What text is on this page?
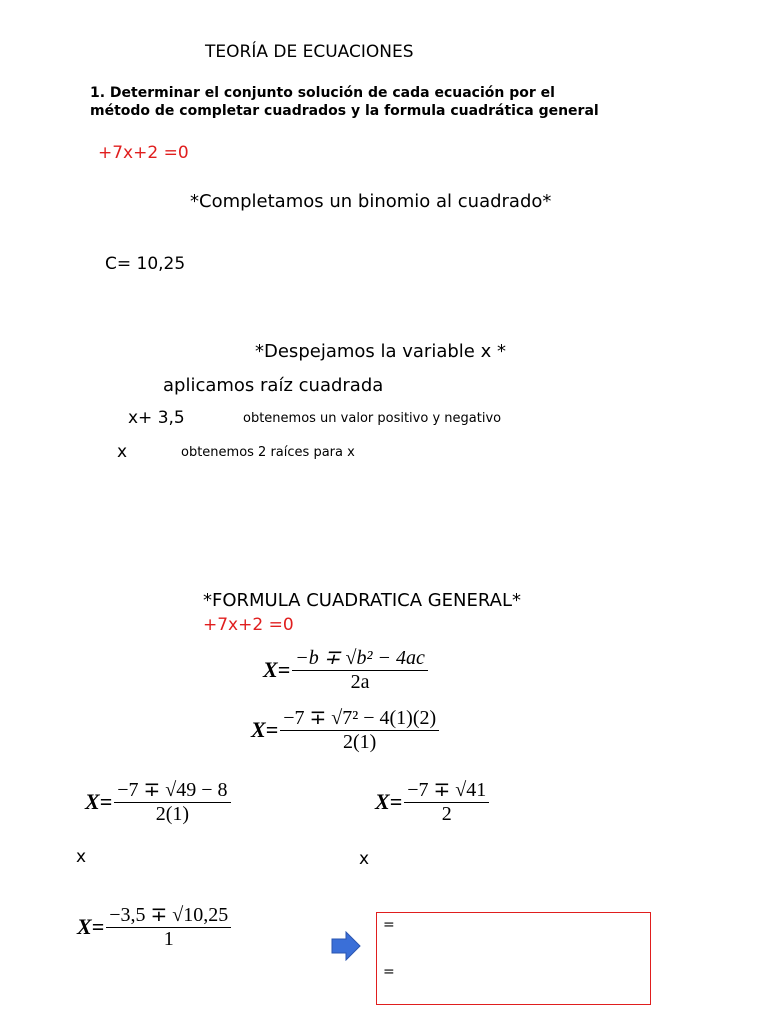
TEORÍA DE ECUACIONES
1. Determinar el conjunto solución de cada ecuación por el
método de completar cuadrados y la formula cuadrática general
+7x+2 =0
*Completamos un binomio al cuadrado*
C= 10,25
*Despejamos la variable x *
aplicamos raíz cuadrada
x+ 3,5	obtenemos un valor positivo y negativo
x	obtenemos 2 raíces para x
*FORMULA CUADRATICA GENERAL*
+7x+2 =0
$X= \frac{\text{−b ∓ √b² − 4ac}}{2a}$
$X= \frac{\text{−7 ∓ √7² − 4(1)(2)}}{2(1)}$
$X= \frac{-7 \mp √49 - 8}{2(1)}$	$X= \frac{-7 \mp √41}{2}$
x	x
$X= \frac{-3,5 \mp √10,25}{1}$	=
=
